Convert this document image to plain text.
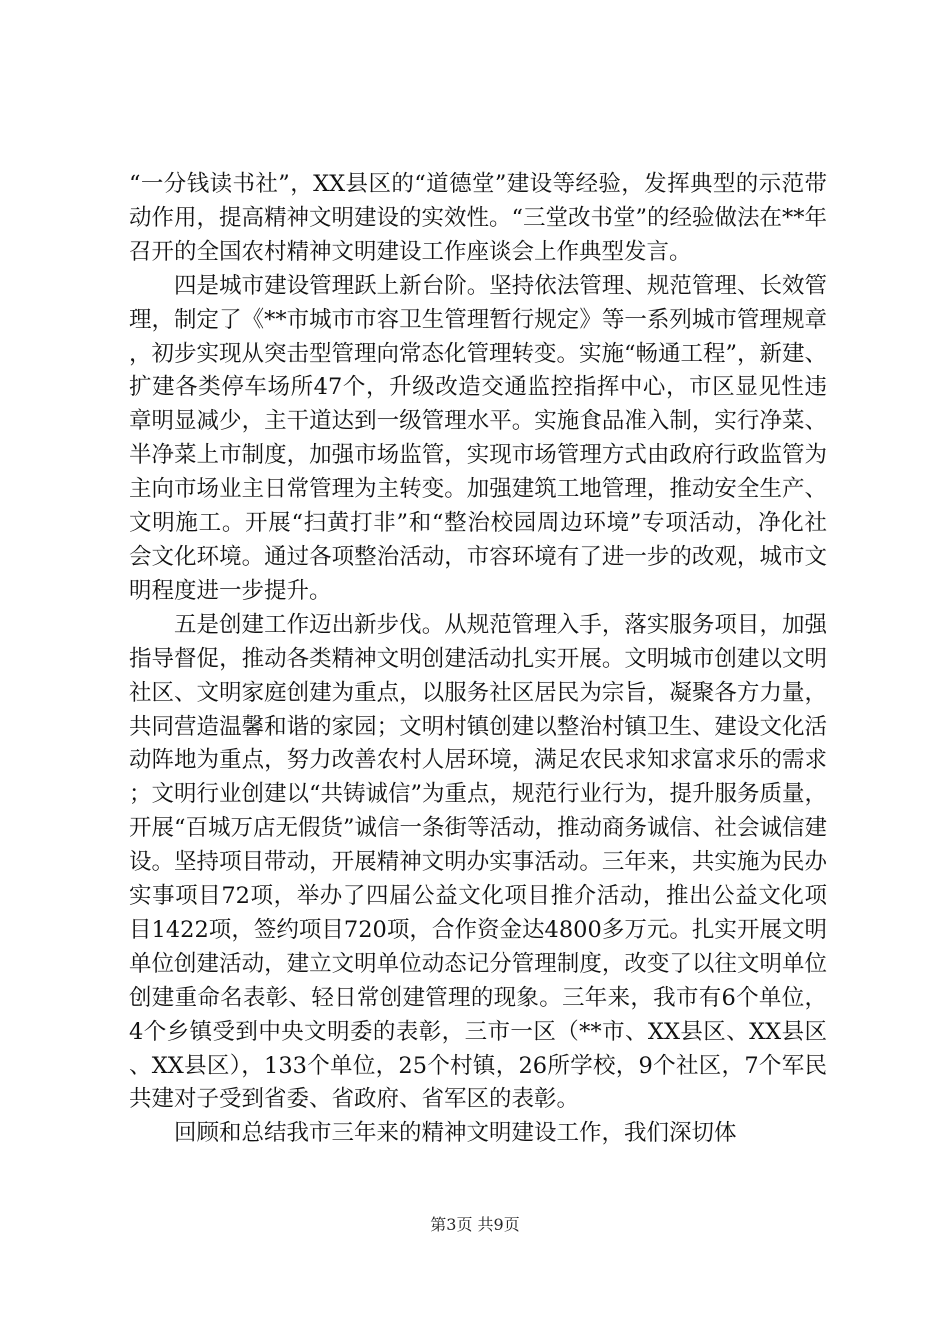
“一分钱读书社”，XX县区的“道德堂”建设等经验，发挥典型的示范带动作用，提高精神文明建设的实效性。“三堂改书堂”的经验做法在**年召开的全国农村精神文明建设工作座谈会上作典型发言。

四是城市建设管理跃上新台阶。坚持依法管理、规范管理、长效管理，制定了《**市城市市容卫生管理暂行规定》等一系列城市管理规章，初步实现从突击型管理向常态化管理转变。实施“畅通工程”，新建、扩建各类停车场所47个，升级改造交通监控指挥中心，市区显见性违章明显减少，主干道达到一级管理水平。实施食品准入制，实行净菜、半净菜上市制度，加强市场监管，实现市场管理方式由政府行政监管为主向市场业主日常管理为主转变。加强建筑工地管理，推动安全生产、文明施工。开展“扫黄打非”和“整治校园周边环境”专项活动，净化社会文化环境。通过各项整治活动，市容环境有了进一步的改观，城市文明程度进一步提升。

五是创建工作迈出新步伐。从规范管理入手，落实服务项目，加强指导督促，推动各类精神文明创建活动扎实开展。文明城市创建以文明社区、文明家庭创建为重点，以服务社区居民为宗旨，凝聚各方力量，共同营造温馨和谐的家园；文明村镇创建以整治村镇卫生、建设文化活动阵地为重点，努力改善农村人居环境，满足农民求知求富求乐的需求；文明行业创建以“共铸诚信”为重点，规范行业行为，提升服务质量，开展“百城万店无假货”诚信一条街等活动，推动商务诚信、社会诚信建设。坚持项目带动，开展精神文明办实事活动。三年来，共实施为民办实事项目72项，举办了四届公益文化项目推介活动，推出公益文化项目1422项，签约项目720项，合作资金达4800多万元。扎实开展文明单位创建活动，建立文明单位动态记分管理制度，改变了以往文明单位创建重命名表彰、轻日常创建管理的现象。三年来，我市有6个单位，4个乡镇受到中央文明委的表彰，三市一区（**市、XX县区、XX县区、XX县区），133个单位，25个村镇，26所学校，9个社区，7个军民共建对子受到省委、省政府、省军区的表彰。

回顾和总结我市三年来的精神文明建设工作，我们深切体

第3页 共9页
